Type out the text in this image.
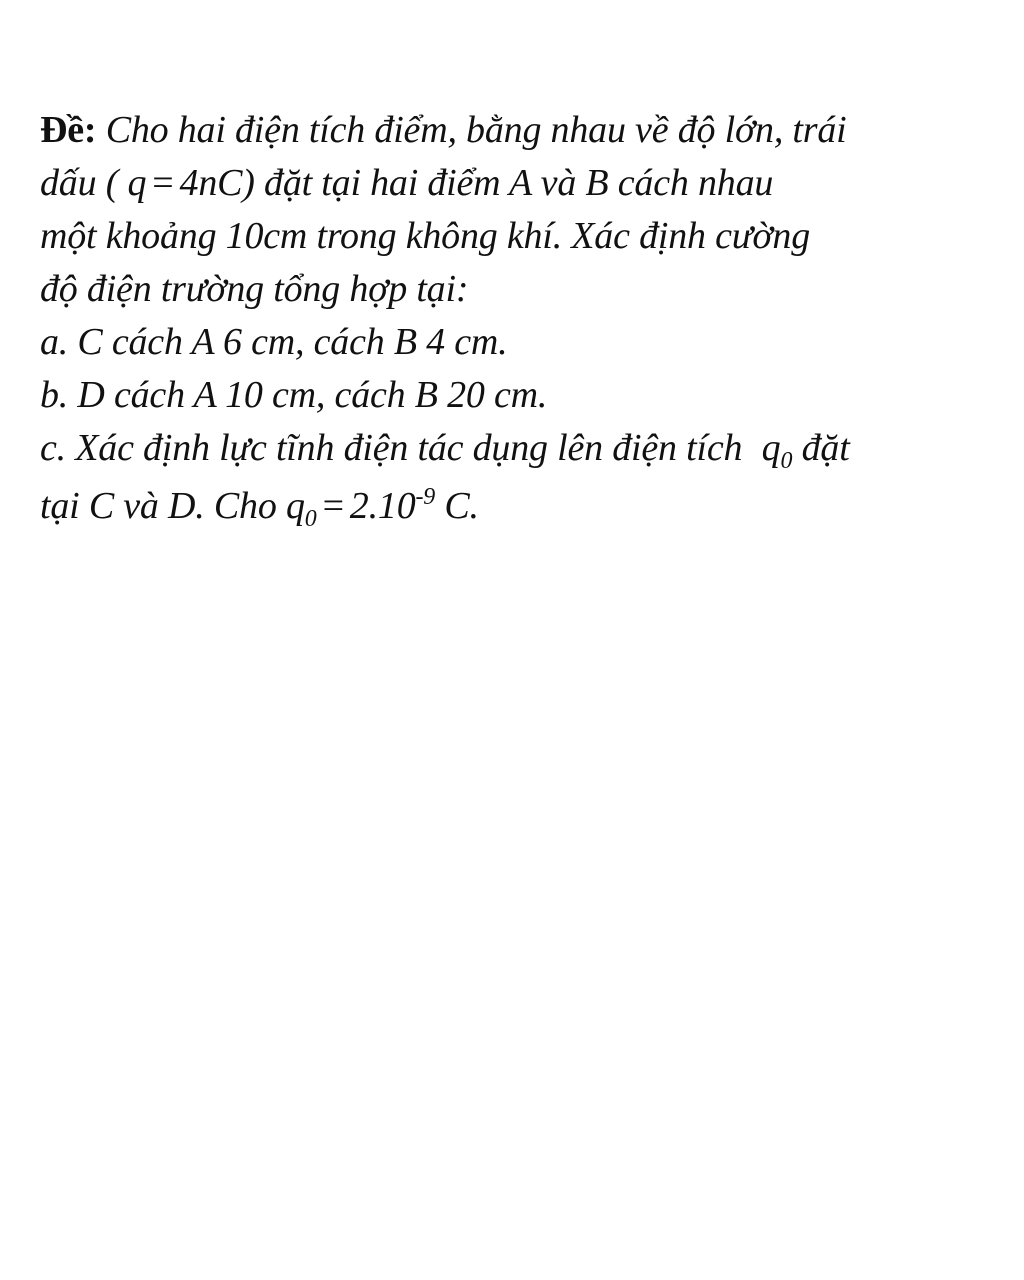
Đề: Cho hai điện tích điểm, bằng nhau về độ lớn, trái
dấu ( q = 4nC) đặt tại hai điểm A và B cách nhau
một khoảng 10cm trong không khí. Xác định cường
độ điện trường tổng hợp tại:
a. C cách A 6 cm, cách B 4 cm.
b. D cách A 10 cm, cách B 20 cm.
c. Xác định lực tĩnh điện tác dụng lên điện tích $q_0$ đặt
tại C và D. Cho $q_0 = 2.10^{-9}$ C.
